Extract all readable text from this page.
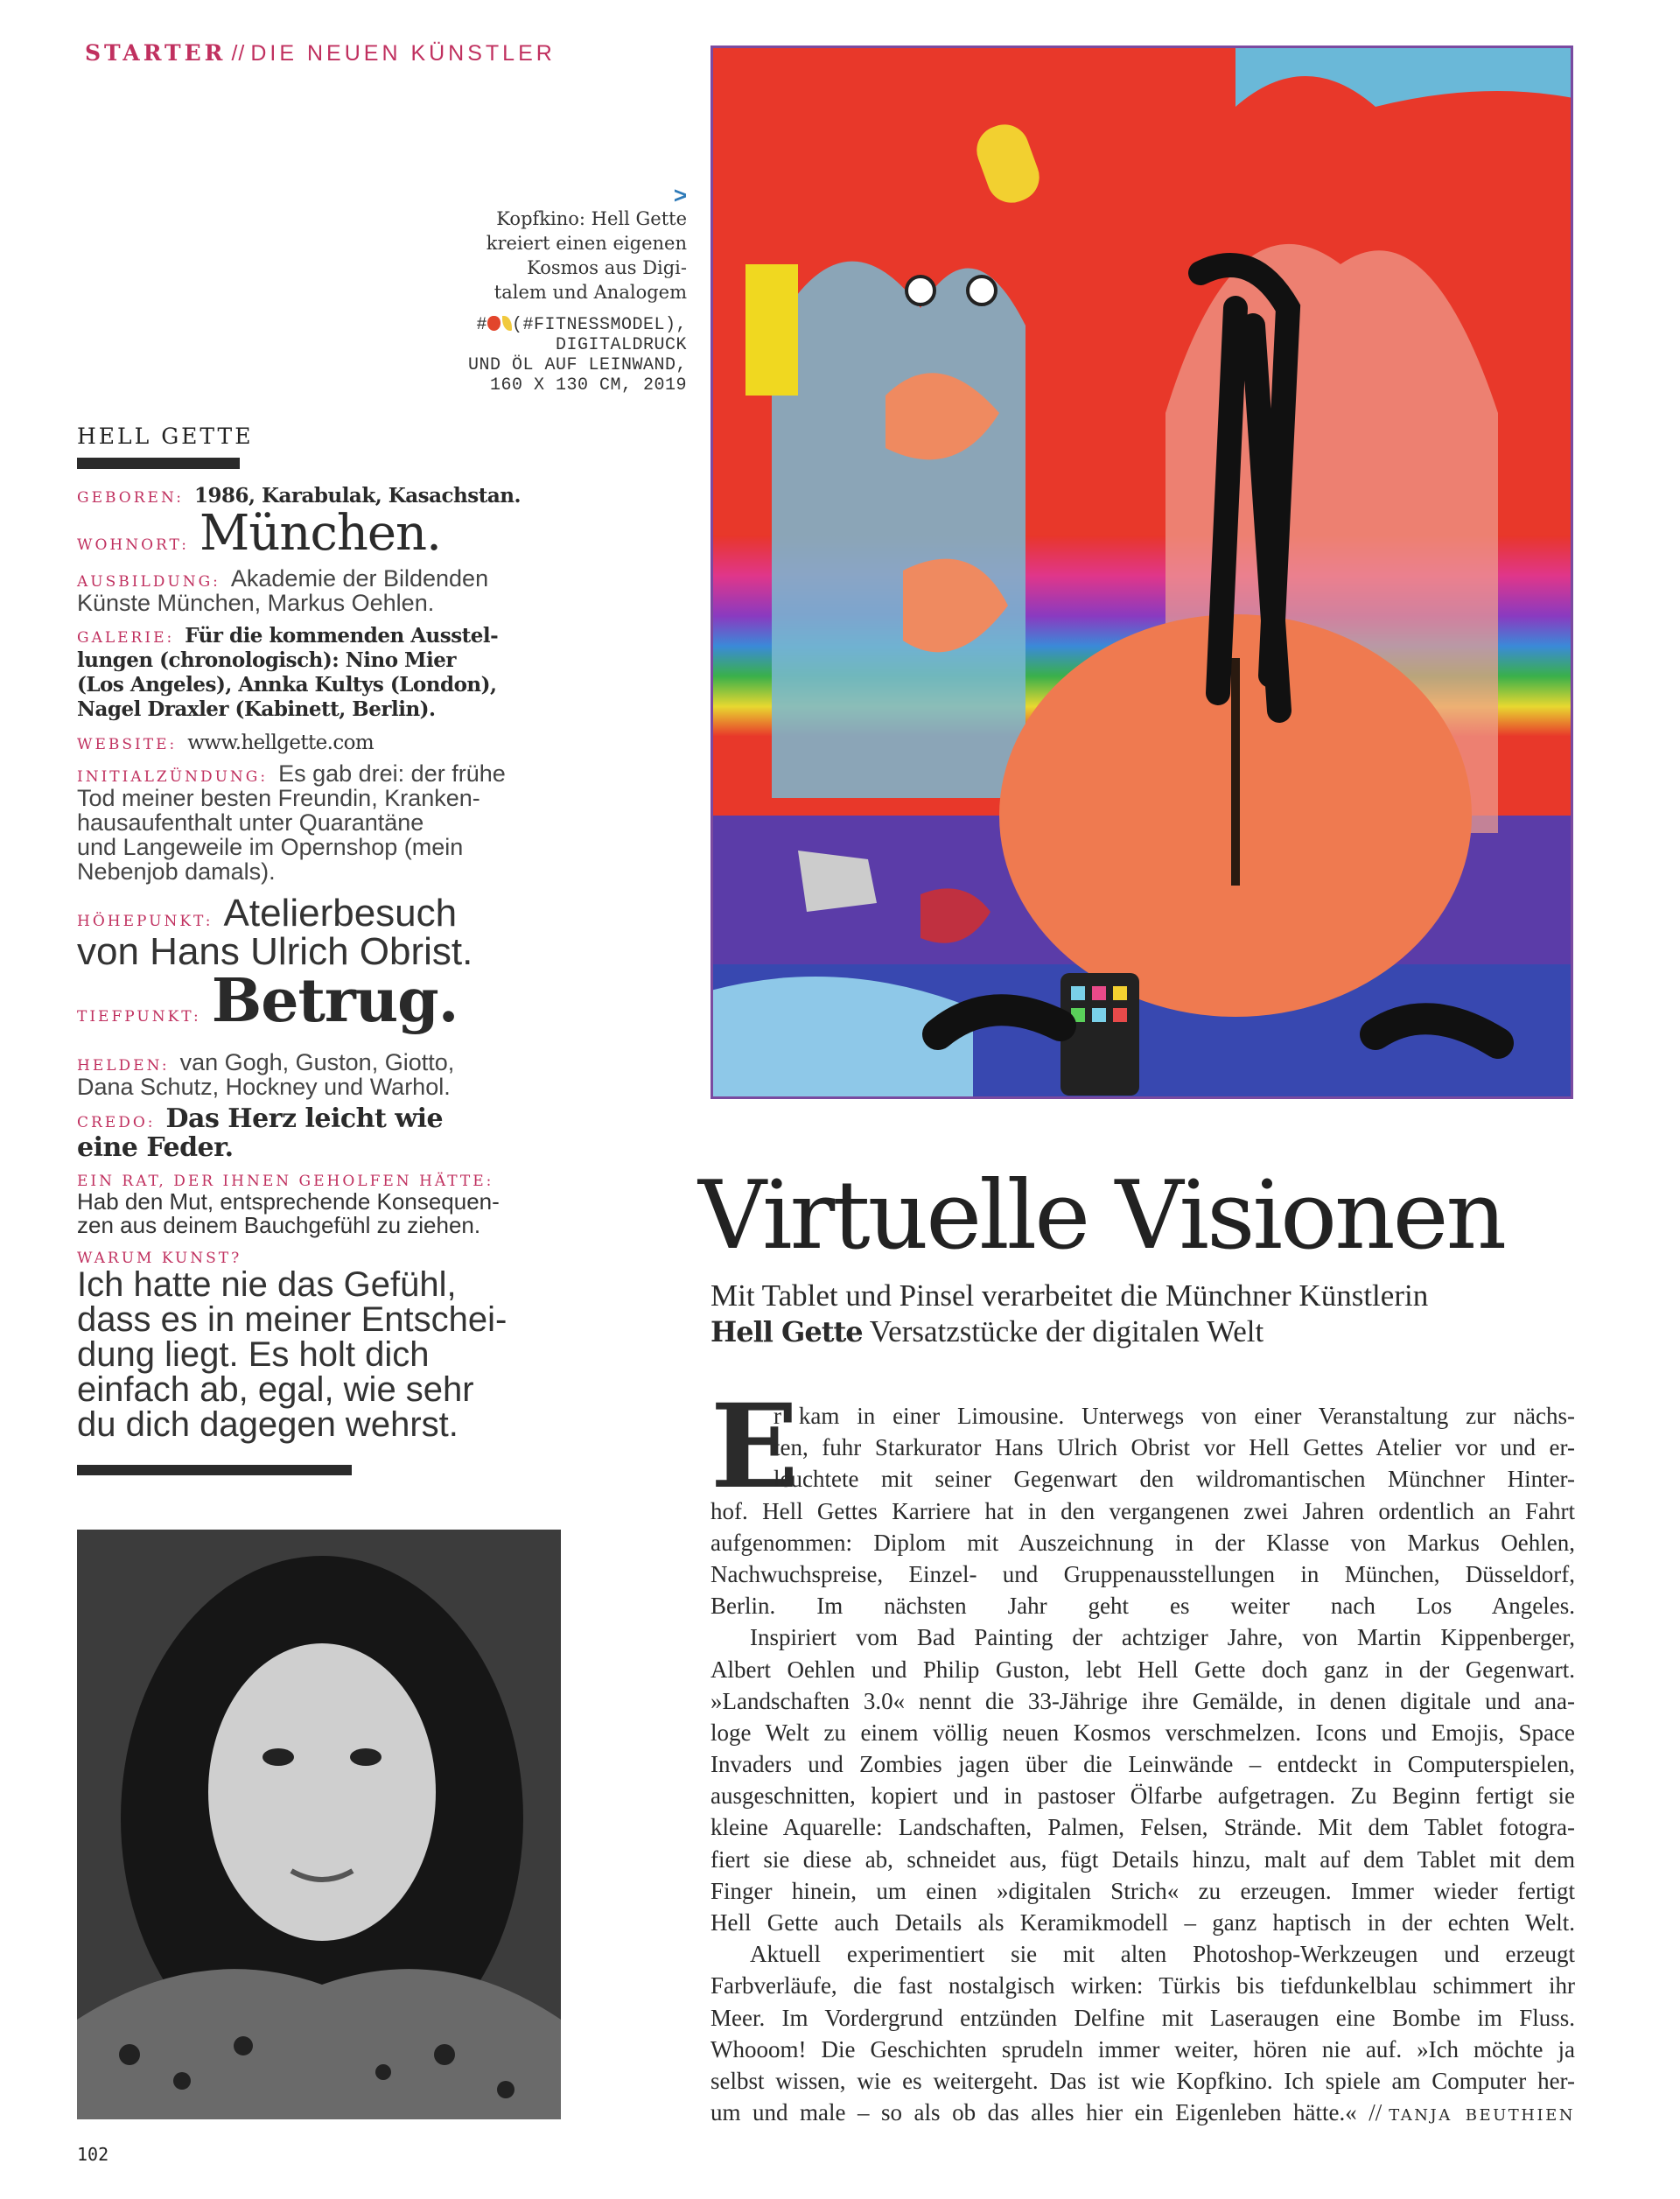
STARTER // DIE NEUEN KÜNSTLER
>
Kopfkino: Hell Gette
kreiert einen eigenen
Kosmos aus Digi-
talem und Analogem
# (#FITNESSMODEL),
DIGITALDRUCK
UND ÖL AUF LEINWAND,
160 X 130 CM, 2019
HELL GETTE
GEBOREN: 1986, Karabulak, Kasachstan.
WOHNORT: München.
AUSBILDUNG: Akademie der Bildenden
Künste München, Markus Oehlen.
GALERIE: Für die kommenden Ausstel-
lungen (chronologisch): Nino Mier
(Los Angeles), Annka Kultys (London),
Nagel Draxler (Kabinett, Berlin).
WEBSITE: www.hellgette.com
INITIALZÜNDUNG: Es gab drei: der frühe
Tod meiner besten Freundin, Kranken-
hausaufenthalt unter Quarantäne
und Langeweile im Opernshop (mein
Nebenjob damals).
HÖHEPUNKT: Atelierbesuch
von Hans Ulrich Obrist.
TIEFPUNKT: Betrug.
HELDEN: van Gogh, Guston, Giotto,
Dana Schutz, Hockney und Warhol.
CREDO: Das Herz leicht wie
eine Feder.
EIN RAT, DER IHNEN GEHOLFEN HÄTTE:
Hab den Mut, entsprechende Konsequen-
zen aus deinem Bauchgefühl zu ziehen.
WARUM KUNST?
Ich hatte nie das Gefühl,
dass es in meiner Entschei-
dung liegt. Es holt dich
einfach ab, egal, wie sehr
du dich dagegen wehrst.
102
Virtuelle Visionen
Mit Tablet und Pinsel verarbeitet die Münchner Künstlerin
Hell Gette Versatzstücke der digitalen Welt
E
r kam in einer Limousine. Unterwegs von einer Veranstaltung zur nächs-
ten, fuhr Starkurator Hans Ulrich Obrist vor Hell Gettes Atelier vor und er-
leuchtete mit seiner Gegenwart den wildromantischen Münchner Hinter-
hof. Hell Gettes Karriere hat in den vergangenen zwei Jahren ordentlich an Fahrt
aufgenommen: Diplom mit Auszeichnung in der Klasse von Markus Oehlen,
Nachwuchspreise, Einzel- und Gruppenausstellungen in München, Düsseldorf,
Berlin. Im nächsten Jahr geht es weiter nach Los Angeles.
Inspiriert vom Bad Painting der achtziger Jahre, von Martin Kippenberger,
Albert Oehlen und Philip Guston, lebt Hell Gette doch ganz in der Gegenwart.
»Landschaften 3.0« nennt die 33-Jährige ihre Gemälde, in denen digitale und ana-
loge Welt zu einem völlig neuen Kosmos verschmelzen. Icons und Emojis, Space
Invaders und Zombies jagen über die Leinwände – entdeckt in Computerspielen,
ausgeschnitten, kopiert und in pastoser Ölfarbe aufgetragen. Zu Beginn fertigt sie
kleine Aquarelle: Landschaften, Palmen, Felsen, Strände. Mit dem Tablet fotogra-
fiert sie diese ab, schneidet aus, fügt Details hinzu, malt auf dem Tablet mit dem
Finger hinein, um einen »digitalen Strich« zu erzeugen. Immer wieder fertigt
Hell Gette auch Details als Keramikmodell – ganz haptisch in der echten Welt.
Aktuell experimentiert sie mit alten Photoshop-Werkzeugen und erzeugt
Farbverläufe, die fast nostalgisch wirken: Türkis bis tiefdunkelblau schimmert ihr
Meer. Im Vordergrund entzünden Delfine mit Laseraugen eine Bombe im Fluss.
Whooom! Die Geschichten sprudeln immer weiter, hören nie auf. »Ich möchte ja
selbst wissen, wie es weitergeht. Das ist wie Kopfkino. Ich spiele am Computer her-
um und male – so als ob das alles hier ein Eigenleben hätte.« // TANJA BEUTHIEN
